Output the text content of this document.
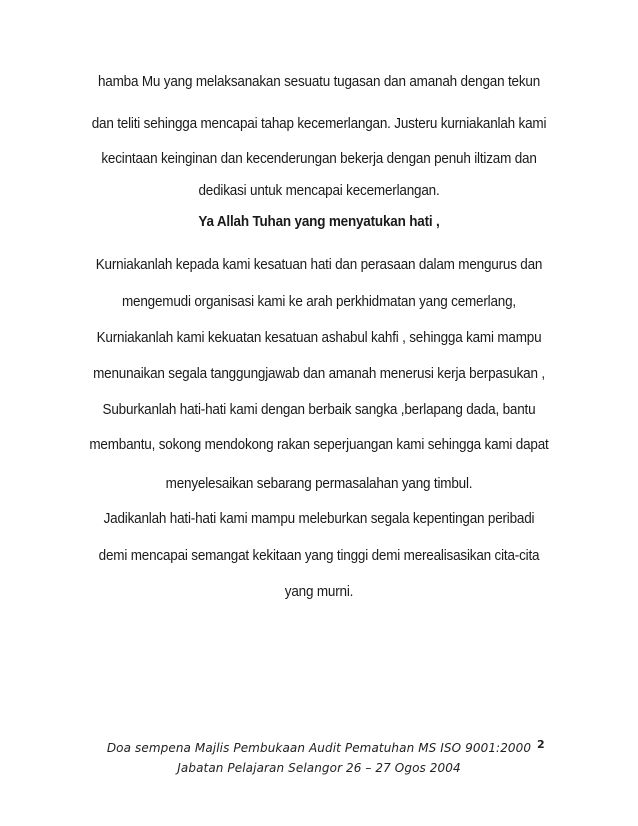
hamba Mu yang melaksanakan sesuatu tugasan dan amanah dengan tekun
dan teliti sehingga mencapai tahap kecemerlangan. Justeru kurniakanlah kami
kecintaan keinginan dan kecenderungan bekerja dengan penuh iltizam dan
dedikasi untuk mencapai kecemerlangan.
Ya Allah Tuhan yang menyatukan hati ,
Kurniakanlah kepada kami kesatuan hati dan perasaan dalam mengurus dan
mengemudi organisasi kami ke arah perkhidmatan yang cemerlang,
Kurniakanlah kami kekuatan kesatuan ashabul kahfi , sehingga kami mampu
menunaikan segala tanggungjawab dan amanah menerusi kerja berpasukan ,
Suburkanlah hati-hati kami dengan berbaik sangka ,berlapang dada, bantu
membantu, sokong mendokong rakan seperjuangan kami sehingga kami dapat
menyelesaikan sebarang permasalahan yang timbul.
Jadikanlah hati-hati kami mampu meleburkan segala kepentingan peribadi
demi mencapai semangat kekitaan yang tinggi demi merealisasikan cita-cita
yang murni.
Doa sempena Majlis Pembukaan Audit Pematuhan MS ISO 9001:2000
Jabatan Pelajaran Selangor 26 – 27 Ogos 2004
2
